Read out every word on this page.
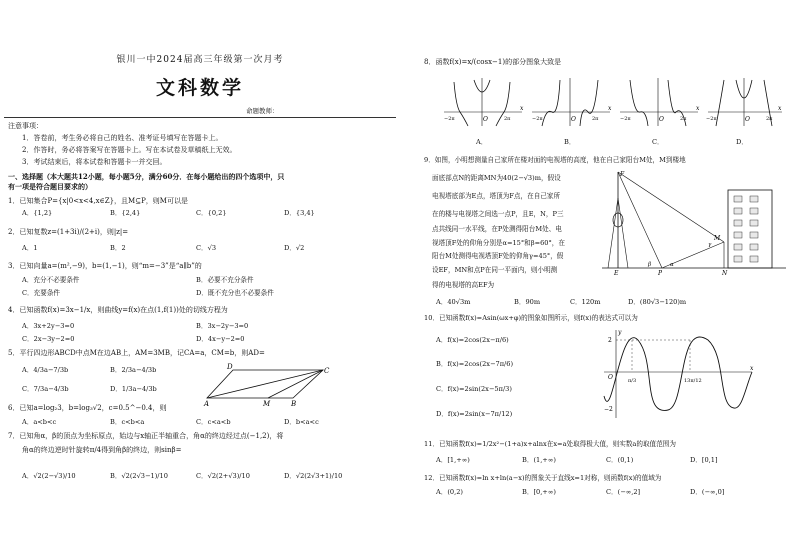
银川一中2024届高三年级第一次月考
文科数学
命题教师：
注意事项：
1．答卷前，考生务必将自己的姓名、准考证号填写在答题卡上。
2．作答时，务必将答案写在答题卡上。写在本试卷及草稿纸上无效。
3．考试结束后，将本试卷和答题卡一并交回。
一、选择题（本大题共12小题，每小题5分，满分60分．在每小题给出的四个选项中，只
有一项是符合题目要求的）
1．已知集合P={x|0<x<4,x∈Z}，且M⊆P，则M可以是
A．{1,2}	B．{2,4}	C．{0,2}	D．{3,4}
2．已知复数z=(1+3i)/(2+i)，则|z|=
A．1	B．2	C．√3	D．√2
3．已知向量a=(m²,−9)，b=(1,−1)，则“m=−3”是“a∥b”的
A．充分不必要条件	B．必要不充分条件
C．充要条件	D．既不充分也不必要条件
4．已知函数f(x)=3x−1/x，则曲线y=f(x)在点(1,f(1))处的切线方程为
A．3x+2y−3=0	B．3x−2y−3=0
C．2x−3y−2=0	D．4x−y−2=0
5．平行四边形ABCD中点M在边AB上，AM=3MB，记CA=a，CM=b，则AD=
A．4/3a−7/3b	B．2/3a−4/3b
C．7/3a−4/3b	D．1/3a−4/3b
D	C
A	M	B
6．已知a=log₂3，b=log₃√2，c=0.5^−0.4，则
A．a<b<c	B．c<b<a	C．c<a<b	D．b<a<c
7．已知角α，β的顶点为坐标原点，始边与x轴正半轴重合，角α的终边经过点(−1,2)，将
角α的终边逆时针旋转π/4得到角β的终边，则sinβ=
A．√2(2−√3)/10	B．√2(2√3−1)/10	C．√2(2+√3)/10	D．√2(2√3+1)/10
8．函数f(x)=x/(cosx−1)的部分图象大致是
O
−2π	2π
x
O
−2π	2π
x
O
−2π	2π
x
O
−2π	2π
x
A．	B．	C．	D．
9．如图，小明想测量自己家所在楼对面的电视塔的高度，他在自己家阳台M处，M到楼地
面底部点N的距离MN为40(2−√3)m，假设
电视塔底部为E点，塔顶为F点，在自己家所
在的楼与电视塔之间选一点P，且E，N，P三
点共线同一水平线，在P处测得阳台M处、电
视塔顶F处的仰角分别是α=15°和β=60°，在
阳台M处测得电视塔顶F处的仰角γ=45°，假
设EF，MN和点P在同一平面内，则小明测
得的电视塔的高EF为
F
E	P	N
M
α
β
γ
A．40√3m	B．90m	C．120m	D．(80√3−120)m
10．已知函数f(x)=Asin(ωx+φ)的图象如图所示，则f(x)的表达式可以为
A．f(x)=2cos(2x−π/6)
B．f(x)=2cos(2x−7π/6)
C．f(x)=2sin(2x−5π/3)
D．f(x)=2sin(x−7π/12)
y
x
O
2
−2
π/3	13π/12
11．已知函数f(x)=1/2x²−(1+a)x+alnx在x=a处取得极大值，则实数a的取值范围为
A．[1,+∞)	B．(1,+∞)	C．(0,1)	D．[0,1]
12．已知函数f(x)=ln x+ln(a−x)的图象关于直线x=1对称，则函数f(x)的值域为
A．(0,2)	B．[0,+∞)	C．(−∞,2]	D．(−∞,0]
